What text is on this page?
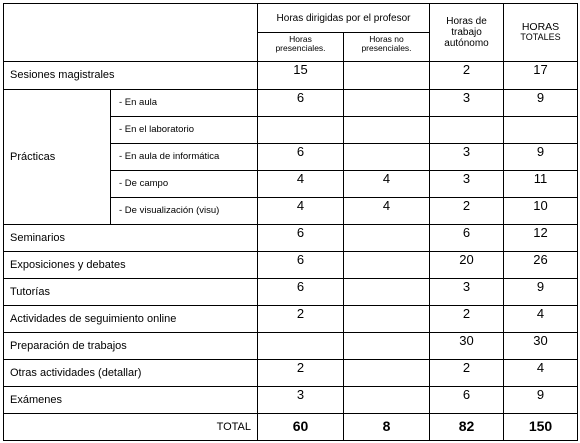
		Horas dirigidas por el profesor		Horas de trabajo autónomo	HORAS
TOTALES

		Horas presenciales.	Horas no presenciales.		
Sesiones magistrales		15		2	17
Prácticas	- En aula	6		3	9
	- En el laboratorio				
	- En aula de informática	6		3	9
	- De campo	4	4	3	11
	- De visualización (visu)	4	4	2	10
Seminarios		6		6	12
Exposiciones y debates		6		20	26
Tutorías		6		3	9
Actividades de seguimiento online		2		2	4
Preparación de trabajos				30	30
Otras actividades (detallar)		2		2	4
Exámenes		3		6	9
TOTAL		60	8	82	150
